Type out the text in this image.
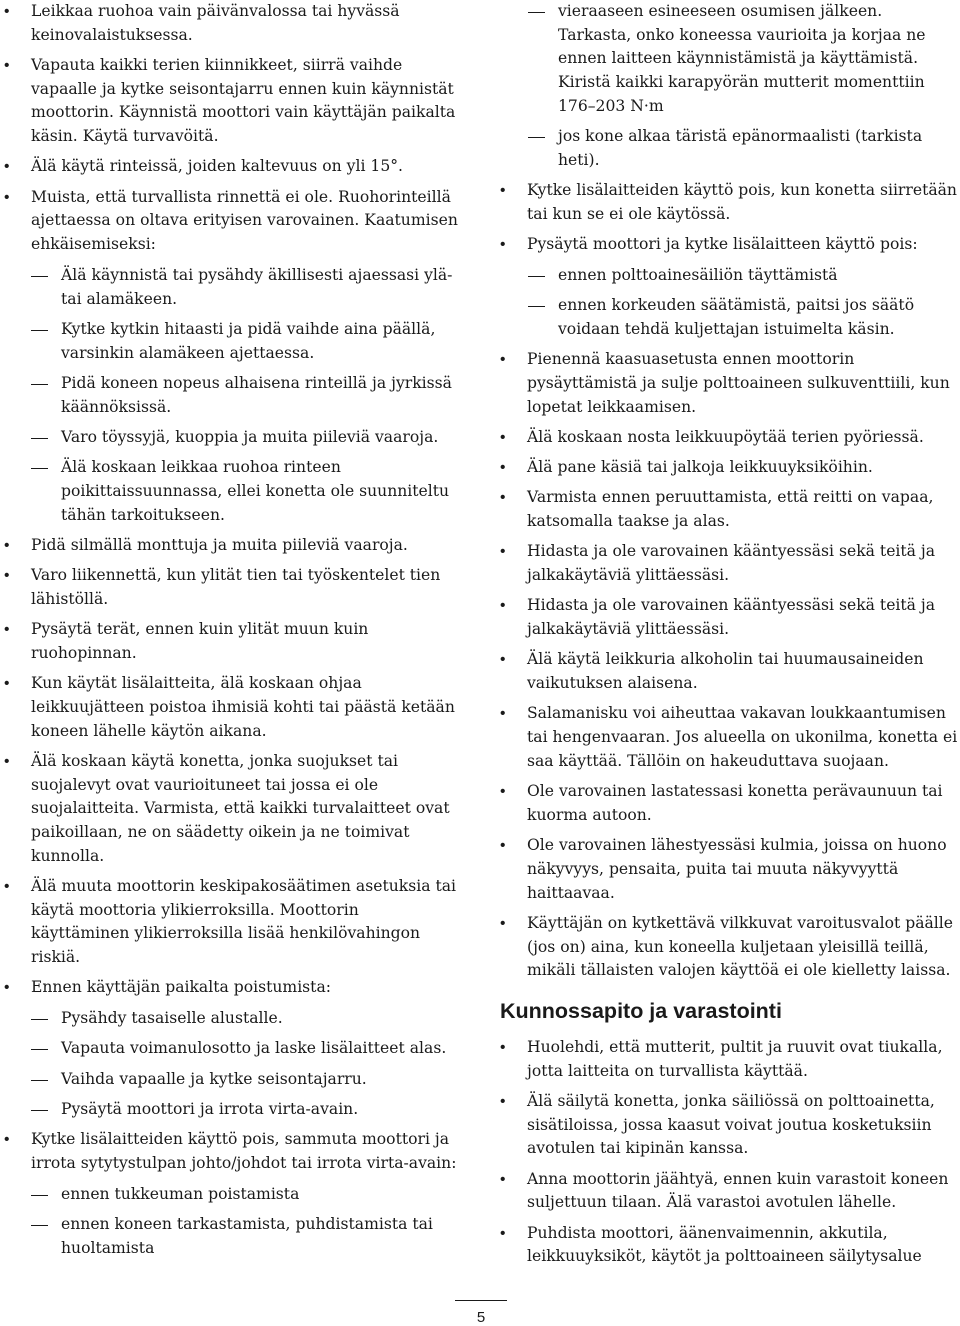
• Leikkaa ruohoa vain päivänvalossa tai hyvässä keinovalaistuksessa.
• Vapauta kaikki terien kiinnikkeet, siirrä vaihde vapaalle ja kytke seisontajarru ennen kuin käynnistät moottorin. Käynnistä moottori vain käyttäjän paikalta käsin. Käytä turvavöitä.
• Älä käytä rinteissä, joiden kaltevuus on yli 15°.
• Muista, että turvallista rinnettä ei ole. Ruohorinteillä ajettaessa on oltava erityisen varovainen. Kaatumisen ehkäisemiseksi:
Älä käynnistä tai pysähdy äkillisesti ajaessasi ylä- tai alamäkeen.
Kytke kytkin hitaasti ja pidä vaihde aina päällä, varsinkin alamäkeen ajettaessa.
Pidä koneen nopeus alhaisena rinteillä ja jyrkissä käännöksissä.
Varo töyssyjä, kuoppia ja muita piileviä vaaroja.
Älä koskaan leikkaa ruohoa rinteen poikittaissuunnassa, ellei konetta ole suunniteltu tähän tarkoitukseen.
• Pidä silmällä monttuja ja muita piileviä vaaroja.
• Varo liikennettä, kun ylität tien tai työskentelet tien lähistöllä.
• Pysäytä terät, ennen kuin ylität muun kuin ruohopinnan.
• Kun käytät lisälaitteita, älä koskaan ohjaa leikkuujätteen poistoa ihmisiä kohti tai päästä ketään koneen lähelle käytön aikana.
• Älä koskaan käytä konetta, jonka suojukset tai suojalevyt ovat vaurioituneet tai jossa ei ole suojalaitteita. Varmista, että kaikki turvalaitteet ovat paikoillaan, ne on säädetty oikein ja ne toimivat kunnolla.
• Älä muuta moottorin keskipakosäätimen asetuksia tai käytä moottoria ylikierroksilla. Moottorin käyttäminen ylikierroksilla lisää henkilövahingon riskiä.
• Ennen käyttäjän paikalta poistumista:
Pysähdy tasaiselle alustalle.
Vapauta voimanulosotto ja laske lisälaitteet alas.
Vaihda vapaalle ja kytke seisontajarru.
Pysäytä moottori ja irrota virta-avain.
• Kytke lisälaitteiden käyttö pois, sammuta moottori ja irrota sytytystulpan johto/johdot tai irrota virta-avain:
ennen tukkeuman poistamista
ennen koneen tarkastamista, puhdistamista tai huoltamista
vieraaseen esineeseen osumisen jälkeen.
Tarkasta, onko koneessa vaurioita ja korjaa ne ennen laitteen käynnistämistä ja käyttämistä. Kiristä kaikki karapyörän mutterit momenttiin 176–203 N·m
jos kone alkaa täristä epänormaalisti (tarkista heti).
• Kytke lisälaitteiden käyttö pois, kun konetta siirretään tai kun se ei ole käytössä.
• Pysäytä moottori ja kytke lisälaitteen käyttö pois:
ennen polttoainesäiliön täyttämistä
ennen korkeuden säätämistä, paitsi jos säätö voidaan tehdä kuljettajan istuimelta käsin.
• Pienennä kaasuasetusta ennen moottorin pysäyttämistä ja sulje polttoaineen sulkuventtiili, kun lopetat leikkaamisen.
• Älä koskaan nosta leikkuupöytää terien pyöriessä.
• Älä pane käsiä tai jalkoja leikkuuyksiköihin.
• Varmista ennen peruuttamista, että reitti on vapaa, katsomalla taakse ja alas.
• Hidasta ja ole varovainen kääntyessäsi sekä teitä ja jalkakäytäviä ylittäessäsi.
• Hidasta ja ole varovainen kääntyessäsi sekä teitä ja jalkakäytäviä ylittäessäsi.
• Älä käytä leikkuria alkoholin tai huumausaineiden vaikutuksen alaisena.
• Salamanisku voi aiheuttaa vakavan loukkaantumisen tai hengenvaaran. Jos alueella on ukonilma, konetta ei saa käyttää. Tällöin on hakeuduttava suojaan.
• Ole varovainen lastatessasi konetta perävaunuun tai kuorma autoon.
• Ole varovainen lähestyessäsi kulmia, joissa on huono näkyvyys, pensaita, puita tai muuta näkyvyyttä haittaavaa.
• Käyttäjän on kytkettävä vilkkuvat varoitusvalot päälle (jos on) aina, kun koneella kuljetaan yleisillä teillä, mikäli tällaisten valojen käyttöä ei ole kielletty laissa.
Kunnossapito ja varastointi
• Huolehdi, että mutterit, pultit ja ruuvit ovat tiukalla, jotta laitteita on turvallista käyttää.
• Älä säilytä konetta, jonka säiliössä on polttoainetta, sisätiloissa, jossa kaasut voivat joutua kosketuksiin avotulen tai kipinän kanssa.
• Anna moottorin jäähtyä, ennen kuin varastoit koneen suljettuun tilaan. Älä varastoi avotulen lähelle.
• Puhdista moottori, äänenvaimennin, akkutila, leikkuuyksiköt, käytöt ja polttoaineen säilytysalue
5
